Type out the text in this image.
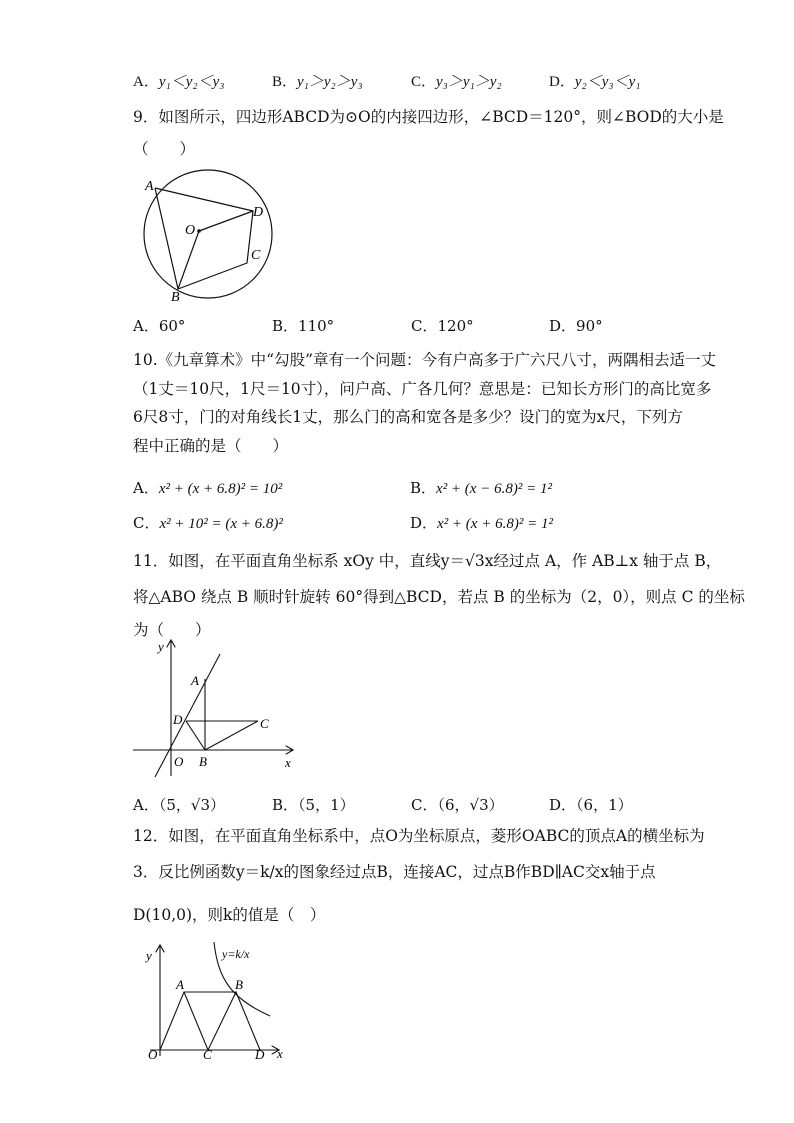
A．y₁＜y₂＜y₃	B．y₁＞y₂＞y₃	C．y₃＞y₁＞y₂	D．y₂＜y₃＜y₁
9．如图所示，四边形ABCD为⊙O的内接四边形，∠BCD＝120°，则∠BOD的大小是
（　　）
A
B
C
D
O
A．60°	B．110°	C．120°	D．90°
10.《九章算术》中“勾股”章有一个问题：今有户高多于广六尺八寸，两隅相去适一丈
（1丈＝10尺，1尺＝10寸），问户高、广各几何？意思是：已知长方形门的高比宽多
6尺8寸，门的对角线长1丈，那么门的高和宽各是多少？设门的宽为x尺，下列方
程中正确的是（　　）
A．x² + (x + 6.8)² = 10²	B．x² + (x − 6.8)² = 1²
C．x² + 10² = (x + 6.8)²	D．x² + (x + 6.8)² = 1²
11．如图，在平面直角坐标系 xOy 中，直线y＝√3x经过点 A，作 AB⊥x 轴于点 B，
将△ABO 绕点 B 顺时针旋转 60°得到△BCD，若点 B 的坐标为（2，0），则点 C 的坐标
为（　　）
y
x
A
D	C
O B
A．（5，√3）	B．（5，1）	C．（6，√3）	D．（6，1）
12．如图，在平面直角坐标系中，点O为坐标原点，菱形OABC的顶点A的横坐标为
3．反比例函数y＝k/x的图象经过点B，连接AC，过点B作BD∥AC交x轴于点
D(10,0)，则k的值是（　）
y
x
y=k/x
A	B
O	C	D
